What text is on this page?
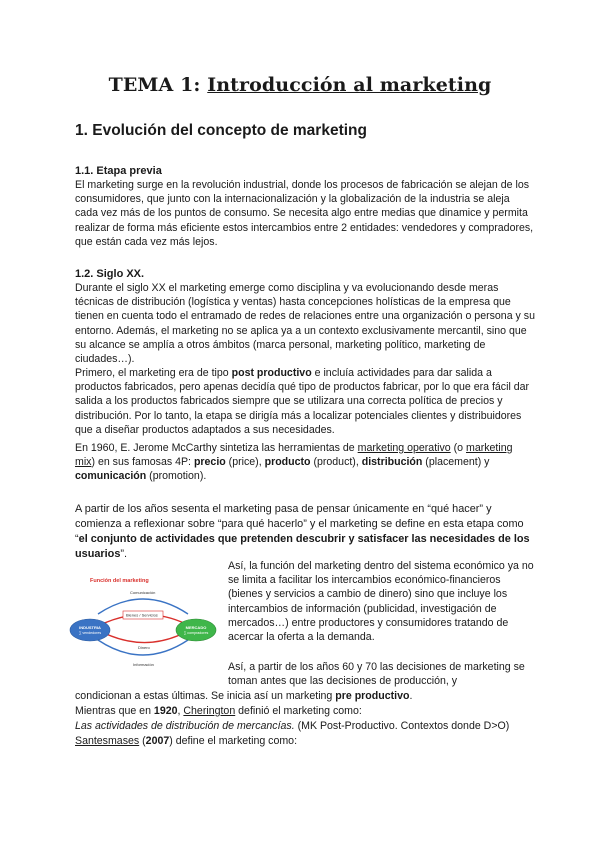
TEMA 1: Introducción al marketing
1. Evolución del concepto de marketing
1.1. Etapa previa

El marketing surge en la revolución industrial, donde los procesos de fabricación se alejan de los consumidores, que junto con la internacionalización y la globalización de la industria se aleja cada vez más de los puntos de consumo. Se necesita algo entre medias que dinamice y permita realizar de forma más eficiente estos intercambios entre 2 entidades: vendedores y compradores, que están cada vez más lejos.

1.2. Siglo XX.

Durante el siglo XX el marketing emerge como disciplina y va evolucionando desde meras técnicas de distribución (logística y ventas) hasta concepciones holísticas de la empresa que tienen en cuenta todo el entramado de redes de relaciones entre una organización o persona y su entorno. Además, el marketing no se aplica ya a un contexto exclusivamente mercantil, sino que su alcance se amplía a otros ámbitos (marca personal, marketing político, marketing de ciudades…).

Primero, el marketing era de tipo post productivo e incluía actividades para dar salida a productos fabricados, pero apenas decidía qué tipo de productos fabricar, por lo que era fácil dar salida a los productos fabricados siempre que se utilizara una correcta política de precios y distribución. Por lo tanto, la etapa se dirigía más a localizar potenciales clientes y distribuidores que a diseñar productos adaptados a sus necesidades.

En 1960, E. Jerome McCarthy sintetiza las herramientas de marketing operativo (o marketing mix) en sus famosas 4P: precio (price), producto (product), distribución (placement) y comunicación (promotion).

A partir de los años sesenta el marketing pasa de pensar únicamente en “qué hacer” y comienza a reflexionar sobre “para qué hacerlo” y el marketing se define en esta etapa como “el conjunto de actividades que pretenden descubrir y satisfacer las necesidades de los usuarios”.

Función del marketing
Comunicación
Bienes / Servicios
Dinero
Información
INDUSTRIA
∑ vendedores
MERCADO
∑ compradores

Así, la función del marketing dentro del sistema económico ya no se limita a facilitar los intercambios económico-financieros (bienes y servicios a cambio de dinero) sino que incluye los intercambios de información (publicidad, investigación de mercados…) entre productores y consumidores tratando de acercar la oferta a la demanda.

Así, a partir de los años 60 y 70 las decisiones de marketing se toman antes que las decisiones de producción, y

condicionan a estas últimas. Se inicia así un marketing pre productivo.

Mientras que en 1920, Cherington definió el marketing como:

Las actividades de distribución de mercancías. (MK Post-Productivo. Contextos donde D>O)

Santesmases (2007) define el marketing como:
